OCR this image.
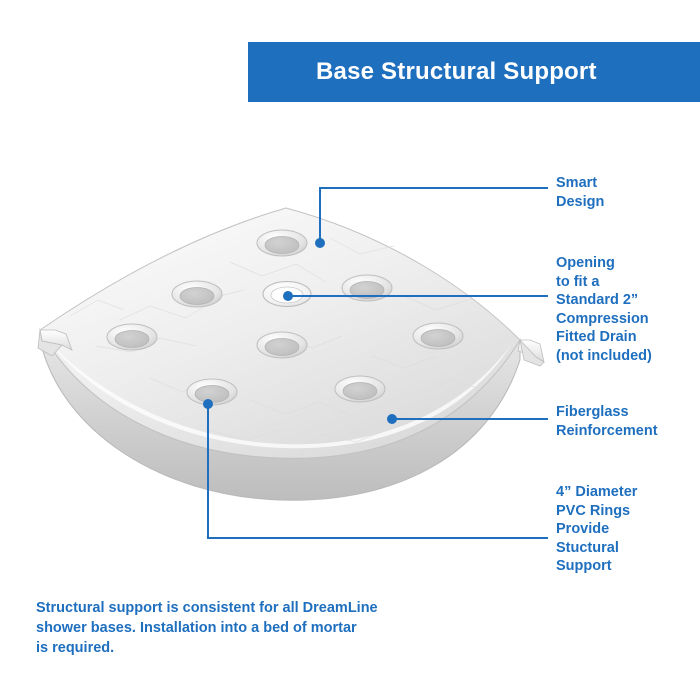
Base Structural Support
Smart
Design
Opening
to fit a
Standard 2”
Compression
Fitted Drain
(not included)
Fiberglass
Reinforcement
4” Diameter
PVC Rings
Provide
Stuctural
Support
Structural support is consistent for all DreamLine
shower bases. Installation into a bed of mortar
is required.
